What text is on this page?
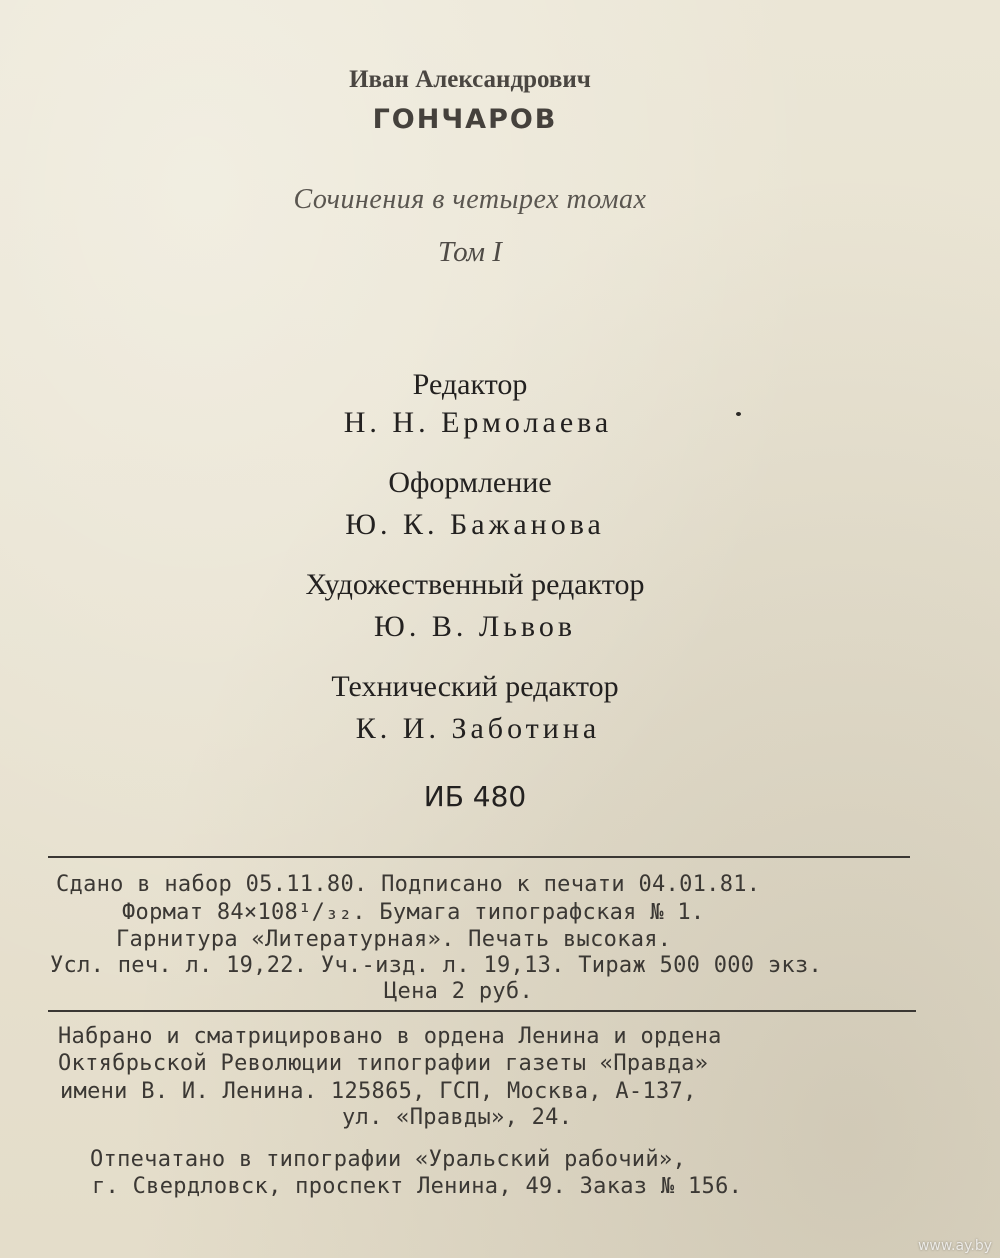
Иван Александрович
ГОНЧАРОВ
Сочинения в четырех томах
Том I
Редактор
Н. Н. Ермолаева
Оформление
Ю. К. Бажанова
Художественный редактор
Ю. В. Львов
Технический редактор
К. И. Заботина
ИБ 480
Сдано в набор 05.11.80. Подписано к печати 04.01.81.
Формат 84×108¹/₃₂. Бумага типографская № 1.
Гарнитура «Литературная». Печать высокая.
Усл. печ. л. 19,22. Уч.-изд. л. 19,13. Тираж 500 000 экз.
Цена 2 руб.
Набрано и сматрицировано в ордена Ленина и ордена
Октябрьской Революции типографии газеты «Правда»
имени В. И. Ленина. 125865, ГСП, Москва, А-137,
ул. «Правды», 24.
Отпечатано в типографии «Уральский рабочий»,
г. Свердловск, проспект Ленина, 49. Заказ № 156.
www.ay.by
